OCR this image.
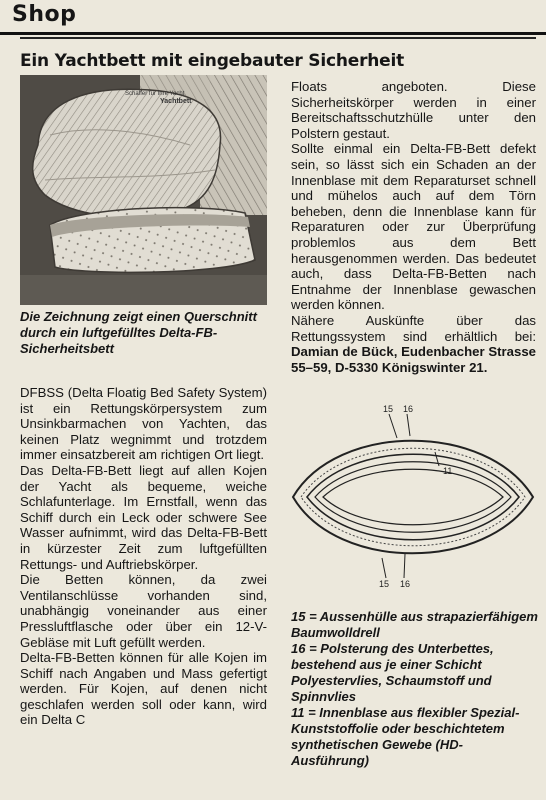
Shop
Ein Yachtbett mit eingebauter Sicherheit
Schaffer für Ihre Yacht
Yachtbett

Die Zeichnung zeigt einen Querschnitt durch ein luftgefülltes Delta-FB-Sicherheitsbett

DFBSS (Delta Floatig Bed Safety System) ist ein Rettungskörpersystem zum Unsinkbarmachen von Yachten, das keinen Platz wegnimmt und trotzdem immer einsatzbereit am richtigen Ort liegt.

Das Delta-FB-Bett liegt auf allen Kojen der Yacht als bequeme, weiche Schlafunterlage. Im Ernstfall, wenn das Schiff durch ein Leck oder schwere See Wasser aufnimmt, wird das Delta-FB-Bett in kürzester Zeit zum luftgefüllten Rettungs- und Auftriebskörper.

Die Betten können, da zwei Ventilanschlüsse vorhanden sind, unabhängig voneinander aus einer Pressluftflasche oder über ein 12-V-Gebläse mit Luft gefüllt werden.

Delta-FB-Betten können für alle Kojen im Schiff nach Angaben und Mass gefertigt werden. Für Kojen, auf denen nicht geschlafen werden soll oder kann, wird ein Delta C

Floats angeboten. Diese Sicherheitskörper werden in einer Bereitschaftsschutzhülle unter den Polstern gestaut.

Sollte einmal ein Delta-FB-Bett defekt sein, so lässt sich ein Schaden an der Innenblase mit dem Reparaturset schnell und mühelos auch auf dem Törn beheben, denn die Innenblase kann für Reparaturen oder zur Überprüfung problemlos aus dem Bett herausgenommen werden. Das bedeutet auch, dass Delta-FB-Betten nach Entnahme der Innenblase gewaschen werden können.

Nähere Auskünfte über das Rettungssystem sind erhältlich bei: Damian de Bück, Eudenbacher Strasse 55–59, D-5330 Königswinter 21.

15 16
11
15 16

15 = Aussenhülle aus strapazierfähigem Baumwolldrell

16 = Polsterung des Unterbettes, bestehend aus je einer Schicht Polyestervlies, Schaumstoff und Spinnvlies

11 = Innenblase aus flexibler Spezial-Kunststoffolie oder beschichtetem synthetischen Gewebe (HD-Ausführung)
